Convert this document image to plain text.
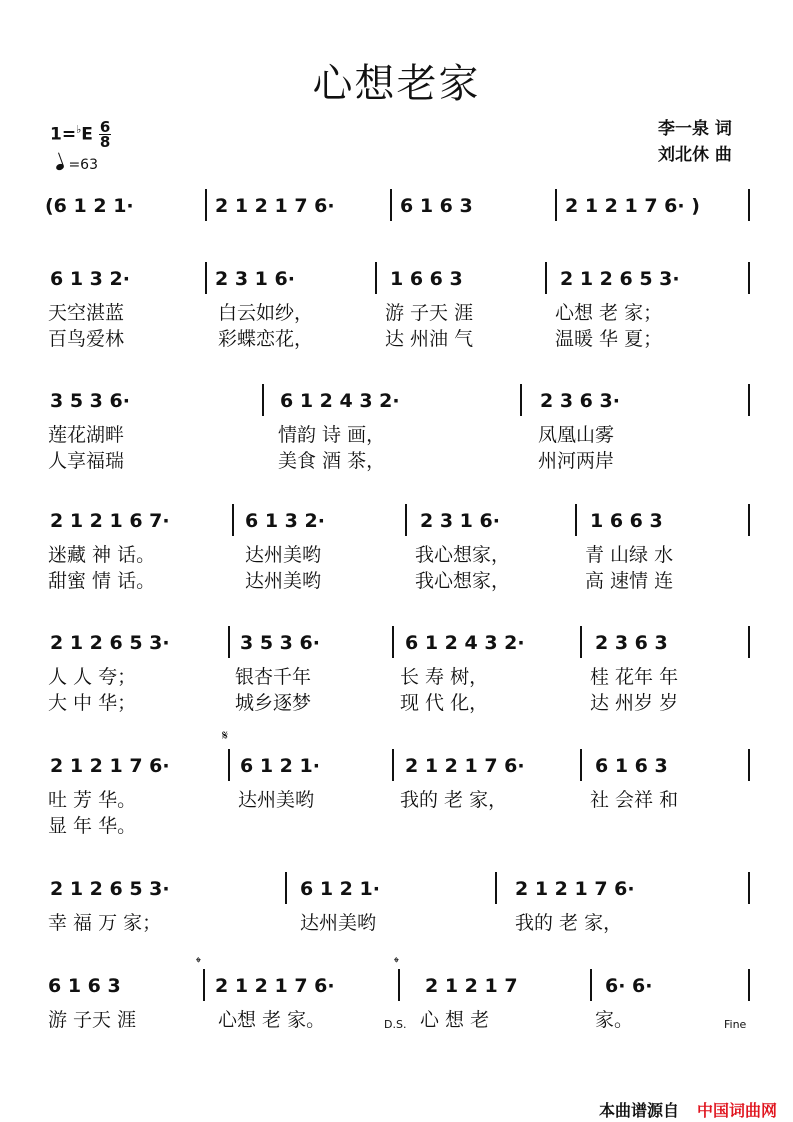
心想老家
$1=^♭E \frac{6}{8}$
=63
李一泉 词
刘北休 曲
(6 1 2 1·	2 1 2 1 7 6·	6 1 6 3	2 1 2 1 7 6· )
6 1 3 2·	2 3 1 6·	1 6 6 3	2 1 2 6 5 3·
天空湛蓝	白云如纱，	游 子天 涯	心想 老 家；
百鸟爱林	彩蝶恋花，	达 州油 气	温暖 华 夏；
3 5 3 6·	6 1 2 4 3 2·	2 3 6 3·
莲花湖畔	情韵 诗 画，	凤凰山雾
人享福瑞	美食 酒 茶，	州河两岸
2 1 2 1 6 7·	6 1 3 2·	2 3 1 6·	1 6 6 3
迷藏 神 话。	达州美哟	我心想家，	青 山绿 水
甜蜜 情 话。	达州美哟	我心想家，	高 速情 连
2 1 2 6 5 3·	3 5 3 6·	6 1 2 4 3 2·	2 3 6 3
人 人 夸；	银杏千年	长 寿 树，	桂 花年 年
大 中 华；	城乡逐梦	现 代 化，	达 州岁 岁
2 1 2 1 7 6·	6 1 2 1·	2 1 2 1 7 6·	6 1 6 3
吐 芳 华。	达州美哟	我的 老 家，	社 会祥 和
显 年 华。
2 1 2 6 5 3·	6 1 2 1·	2 1 2 1 7 6·
幸 福 万 家；	达州美哟	我的 老 家，
6 1 6 3	2 1 2 1 7 6·	2 1 2 1 7	6· 6·
游 子天 涯	心想 老 家。	心 想 老	家。
本曲谱源自 中国词曲网
𝄋
𝄌	𝄌
D.S.	Fine
